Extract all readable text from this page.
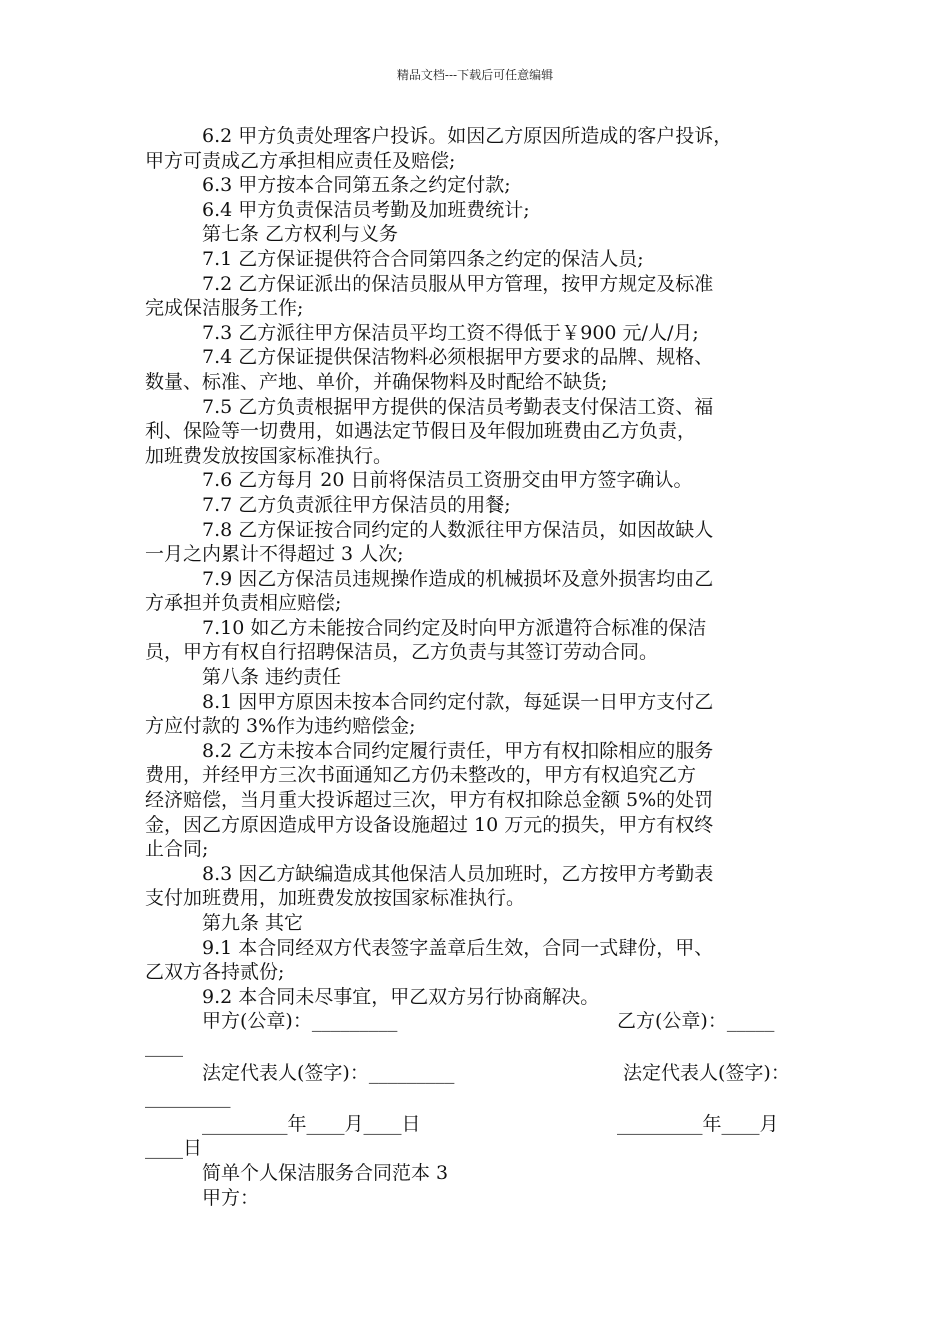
精品文档---下载后可任意编辑
6.2 甲方负责处理客户投诉。如因乙方原因所造成的客户投诉，
甲方可责成乙方承担相应责任及赔偿;
6.3 甲方按本合同第五条之约定付款;
6.4 甲方负责保洁员考勤及加班费统计;
第七条 乙方权利与义务
7.1 乙方保证提供符合合同第四条之约定的保洁人员;
7.2 乙方保证派出的保洁员服从甲方管理，按甲方规定及标准
完成保洁服务工作;
7.3 乙方派往甲方保洁员平均工资不得低于￥900 元/人/月;
7.4 乙方保证提供保洁物料必须根据甲方要求的品牌、规格、
数量、标准、产地、单价，并确保物料及时配给不缺货;
7.5 乙方负责根据甲方提供的保洁员考勤表支付保洁工资、福
利、保险等一切费用，如遇法定节假日及年假加班费由乙方负责，
加班费发放按国家标准执行。
7.6 乙方每月 20 日前将保洁员工资册交由甲方签字确认。
7.7 乙方负责派往甲方保洁员的用餐;
7.8 乙方保证按合同约定的人数派往甲方保洁员，如因故缺人
一月之内累计不得超过 3 人次;
7.9 因乙方保洁员违规操作造成的机械损坏及意外损害均由乙
方承担并负责相应赔偿;
7.10 如乙方未能按合同约定及时向甲方派遣符合标准的保洁
员，甲方有权自行招聘保洁员，乙方负责与其签订劳动合同。
第八条 违约责任
8.1 因甲方原因未按本合同约定付款，每延误一日甲方支付乙
方应付款的 3%作为违约赔偿金;
8.2 乙方未按本合同约定履行责任，甲方有权扣除相应的服务
费用，并经甲方三次书面通知乙方仍未整改的，甲方有权追究乙方
经济赔偿，当月重大投诉超过三次，甲方有权扣除总金额 5%的处罚
金，因乙方原因造成甲方设备设施超过 10 万元的损失，甲方有权终
止合同;
8.3 因乙方缺编造成其他保洁人员加班时，乙方按甲方考勤表
支付加班费用，加班费发放按国家标准执行。
第九条 其它
9.1 本合同经双方代表签字盖章后生效，合同一式肆份，甲、
乙双方各持贰份;
9.2 本合同未尽事宜，甲乙双方另行协商解决。

甲方(公章)：_________

	乙方(公章)：_____

____

法定代表人(签字)：_________

	法定代表人(签字)：

_________

_________年____月____日

	_________年____月

____日
简单个人保洁服务合同范本 3
甲方：
